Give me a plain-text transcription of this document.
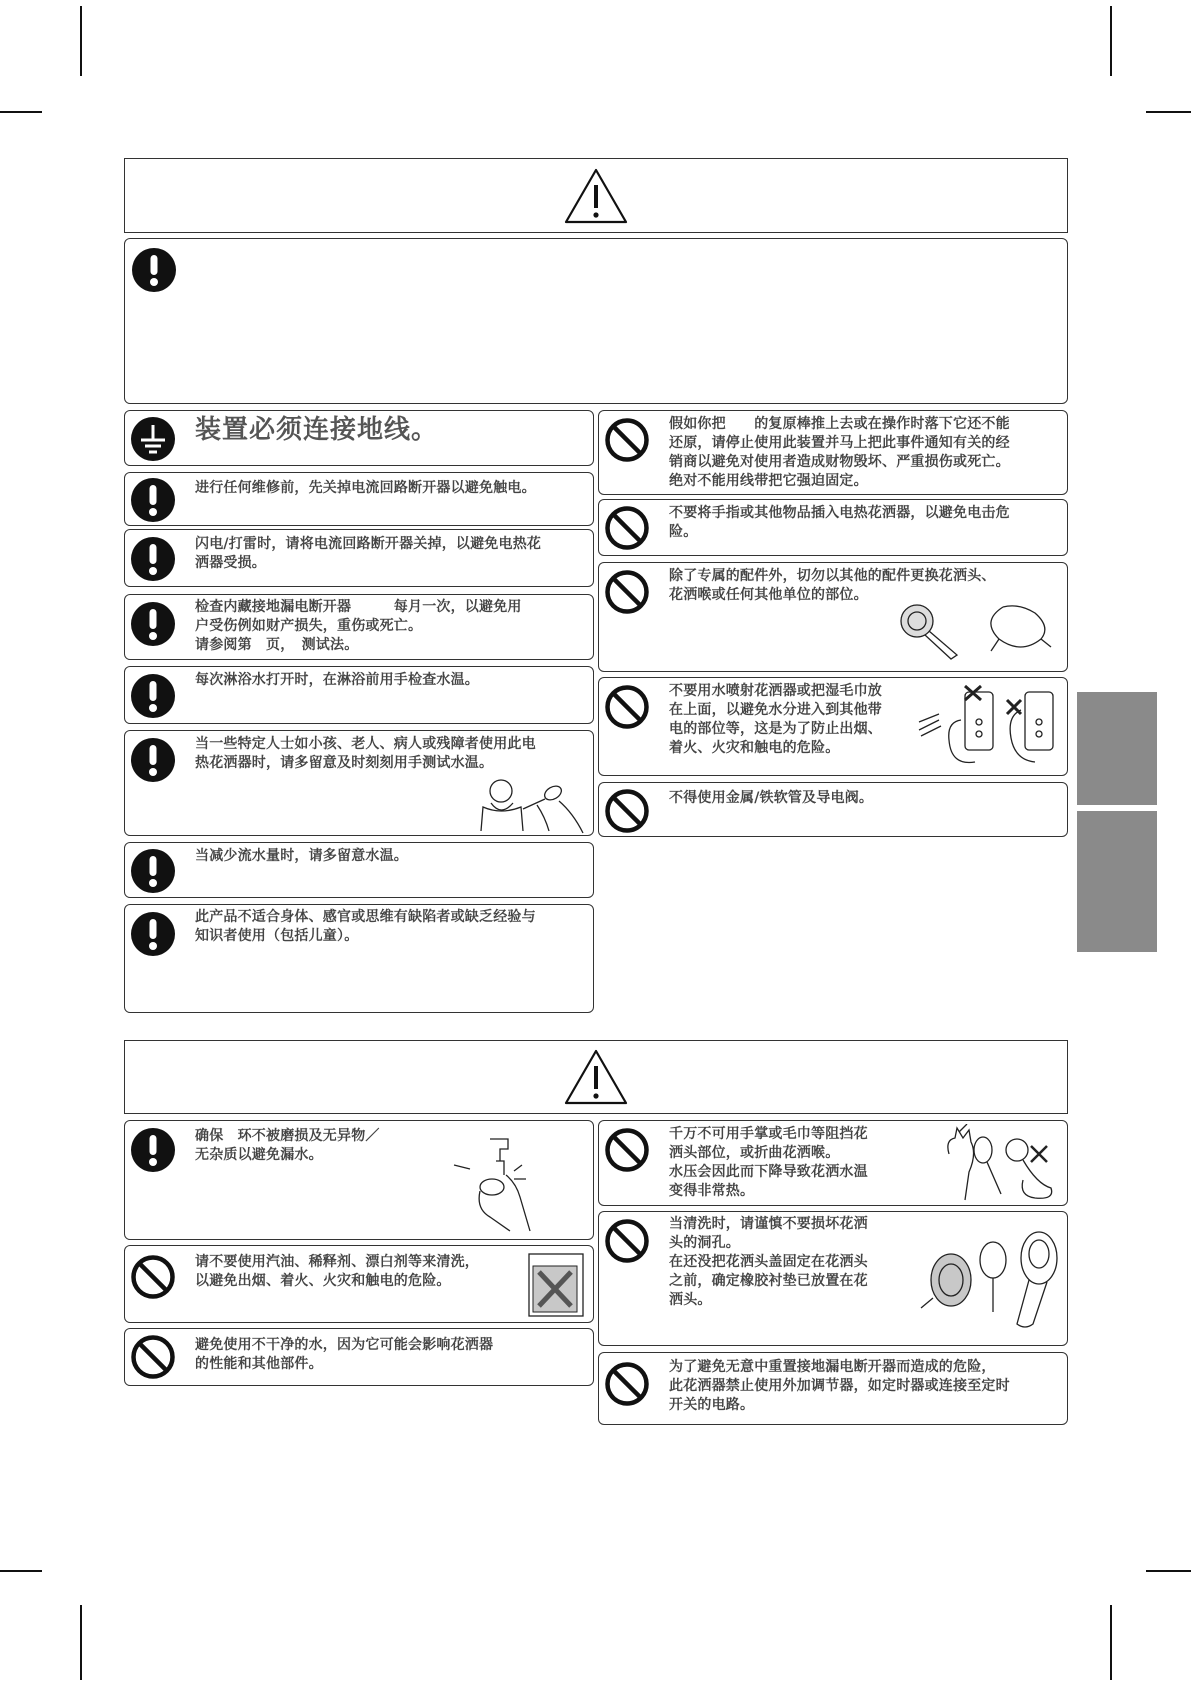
装置必须连接地线。
进行任何维修前，先关掉电流回路断开器以避免触电。
闪电/打雷时，请将电流回路断开器关掉，以避免电热花
洒器受损。
检查内藏接地漏电断开器　　　每月一次，以避免用
户受伤例如财产损失，重伤或死亡。
请参阅第　页，　测试法。
每次淋浴水打开时，在淋浴前用手检查水温。
当一些特定人士如小孩、老人、病人或残障者使用此电
热花洒器时，请多留意及时刻刻用手测试水温。
当减少流水量时，请多留意水温。
此产品不适合身体、感官或思维有缺陷者或缺乏经验与
知识者使用（包括儿童）。
假如你把　　的复原棒推上去或在操作时落下它还不能
还原，请停止使用此装置并马上把此事件通知有关的经
销商以避免对使用者造成财物毁坏、严重损伤或死亡。
绝对不能用线带把它强迫固定。
不要将手指或其他物品插入电热花洒器，以避免电击危
险。
除了专属的配件外，切勿以其他的配件更换花洒头、
花洒喉或任何其他单位的部位。
不要用水喷射花洒器或把湿毛巾放
在上面，以避免水分进入到其他带
电的部位等，这是为了防止出烟、
着火、火灾和触电的危险。
不得使用金属/铁软管及导电阀。
确保　环不被磨损及无异物／
无杂质以避免漏水。
请不要使用汽油、稀释剂、漂白剂等来清洗，
以避免出烟、着火、火灾和触电的危险。
避免使用不干净的水，因为它可能会影响花洒器
的性能和其他部件。
千万不可用手掌或毛巾等阻挡花
洒头部位，或折曲花洒喉。
水压会因此而下降导致花洒水温
变得非常热。
当清洗时，请谨慎不要损坏花洒
头的洞孔。
在还没把花洒头盖固定在花洒头
之前，确定橡胶衬垫已放置在花
洒头。
为了避免无意中重置接地漏电断开器而造成的危险，
此花洒器禁止使用外加调节器，如定时器或连接至定时
开关的电路。
